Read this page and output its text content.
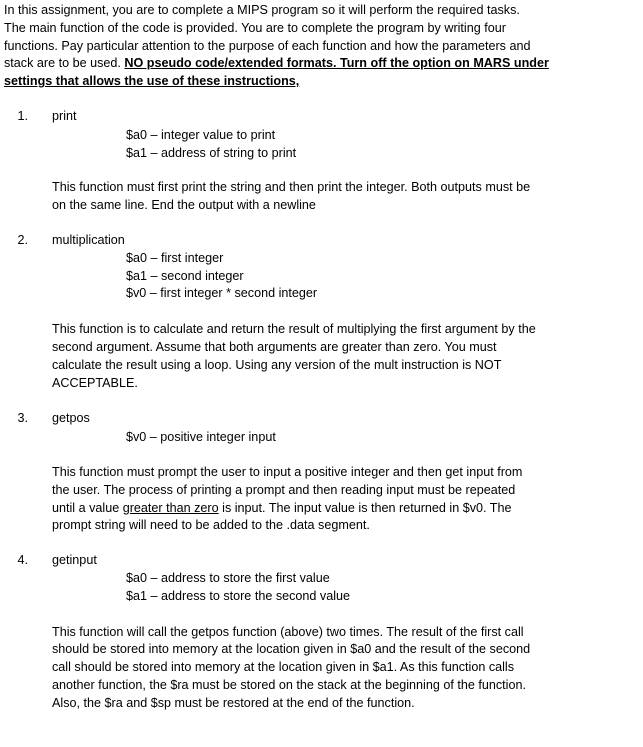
In this assignment, you are to complete a MIPS program so it will perform the required tasks.

The main function of the code is provided. You are to complete the program by writing four

functions. Pay particular attention to the purpose of each function and how the parameters and

stack are to be used. NO pseudo code/extended formats. Turn off the option on MARS under

settings that allows the use of these instructions,

1.	print
$a0 – integer value to print
$a1 – address of string to print

This function must first print the string and then print the integer. Both outputs must be

on the same line. End the output with a newline

2.	multiplication
$a0 – first integer
$a1 – second integer
$v0 – first integer * second integer

This function is to calculate and return the result of multiplying the first argument by the

second argument. Assume that both arguments are greater than zero. You must

calculate the result using a loop. Using any version of the mult instruction is NOT

ACCEPTABLE.

3.	getpos
$v0 – positive integer input

This function must prompt the user to input a positive integer and then get input from

the user. The process of printing a prompt and then reading input must be repeated

until a value greater than zero is input. The input value is then returned in $v0. The

prompt string will need to be added to the .data segment.

4.	getinput
$a0 – address to store the first value
$a1 – address to store the second value

This function will call the getpos function (above) two times. The result of the first call

should be stored into memory at the location given in $a0 and the result of the second

call should be stored into memory at the location given in $a1. As this function calls

another function, the $ra must be stored on the stack at the beginning of the function.

Also, the $ra and $sp must be restored at the end of the function.
